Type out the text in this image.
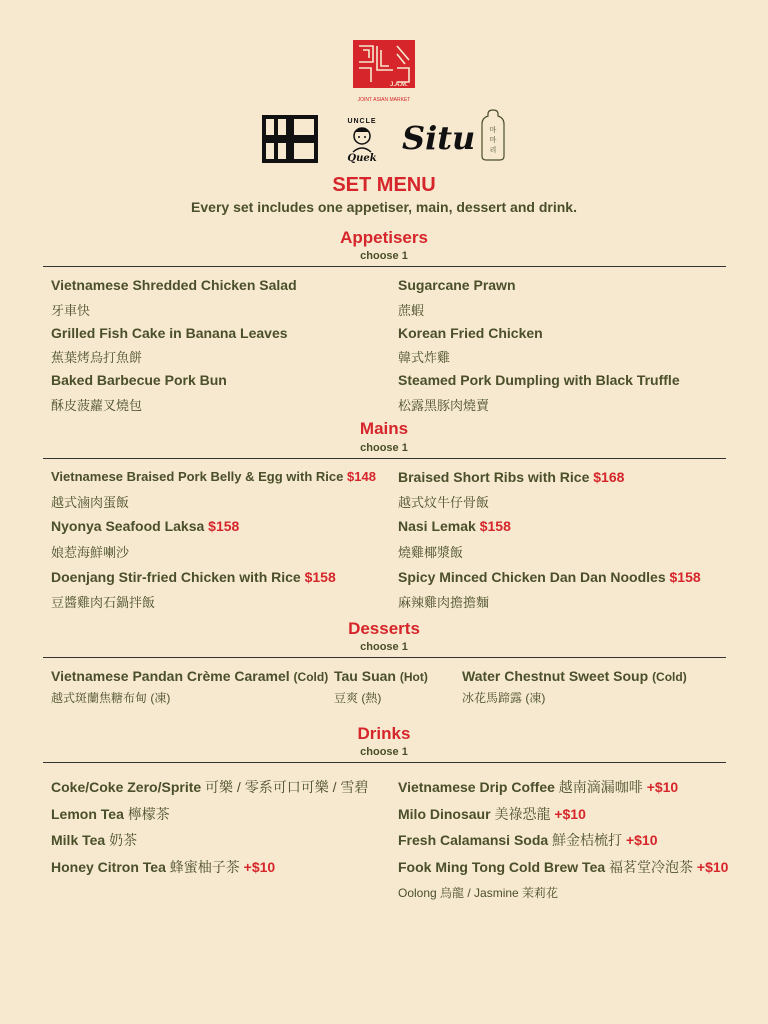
J.A.M.
JOINT ASIAN MARKET
UNCLE
Quek
Situ 마
마
리
SET MENU
Every set includes one appetiser, main, dessert and drink.
Appetisers
choose 1
Vietnamese Shredded Chicken Salad
牙車快
Sugarcane Prawn
蔗蝦
Grilled Fish Cake in Banana Leaves
蕉葉烤烏打魚餅
Korean Fried Chicken
韓式炸雞
Baked Barbecue Pork Bun
酥皮菠蘿叉燒包
Steamed Pork Dumpling with Black Truffle
松露黑豚肉燒賣
Mains
choose 1
Vietnamese Braised Pork Belly & Egg with Rice $148
越式滷肉蛋飯
Braised Short Ribs with Rice $168
越式炆牛仔骨飯
Nyonya Seafood Laksa $158
娘惹海鮮喇沙
Nasi Lemak $158
燒雞椰漿飯
Doenjang Stir-fried Chicken with Rice $158
豆醬雞肉石鍋拌飯
Spicy Minced Chicken Dan Dan Noodles $158
麻辣雞肉擔擔麵
Desserts
choose 1
Vietnamese Pandan Crème Caramel (Cold)
越式斑蘭焦糖布甸 (凍)
Tau Suan (Hot)
豆爽 (熱)
Water Chestnut Sweet Soup (Cold)
冰花馬蹄露 (凍)
Drinks
choose 1
Coke/Coke Zero/Sprite 可樂 / 零系可口可樂 / 雪碧 Vietnamese Drip Coffee 越南滴漏咖啡 +$10
Lemon Tea 檸檬茶	Milo Dinosaur 美祿恐龍 +$10
Milk Tea 奶茶	Fresh Calamansi Soda 鮮金桔梳打 +$10
Honey Citron Tea 蜂蜜柚子茶 +$10	Fook Ming Tong Cold Brew Tea 福茗堂冷泡茶 +$10
Oolong 烏龍 / Jasmine 茉莉花
